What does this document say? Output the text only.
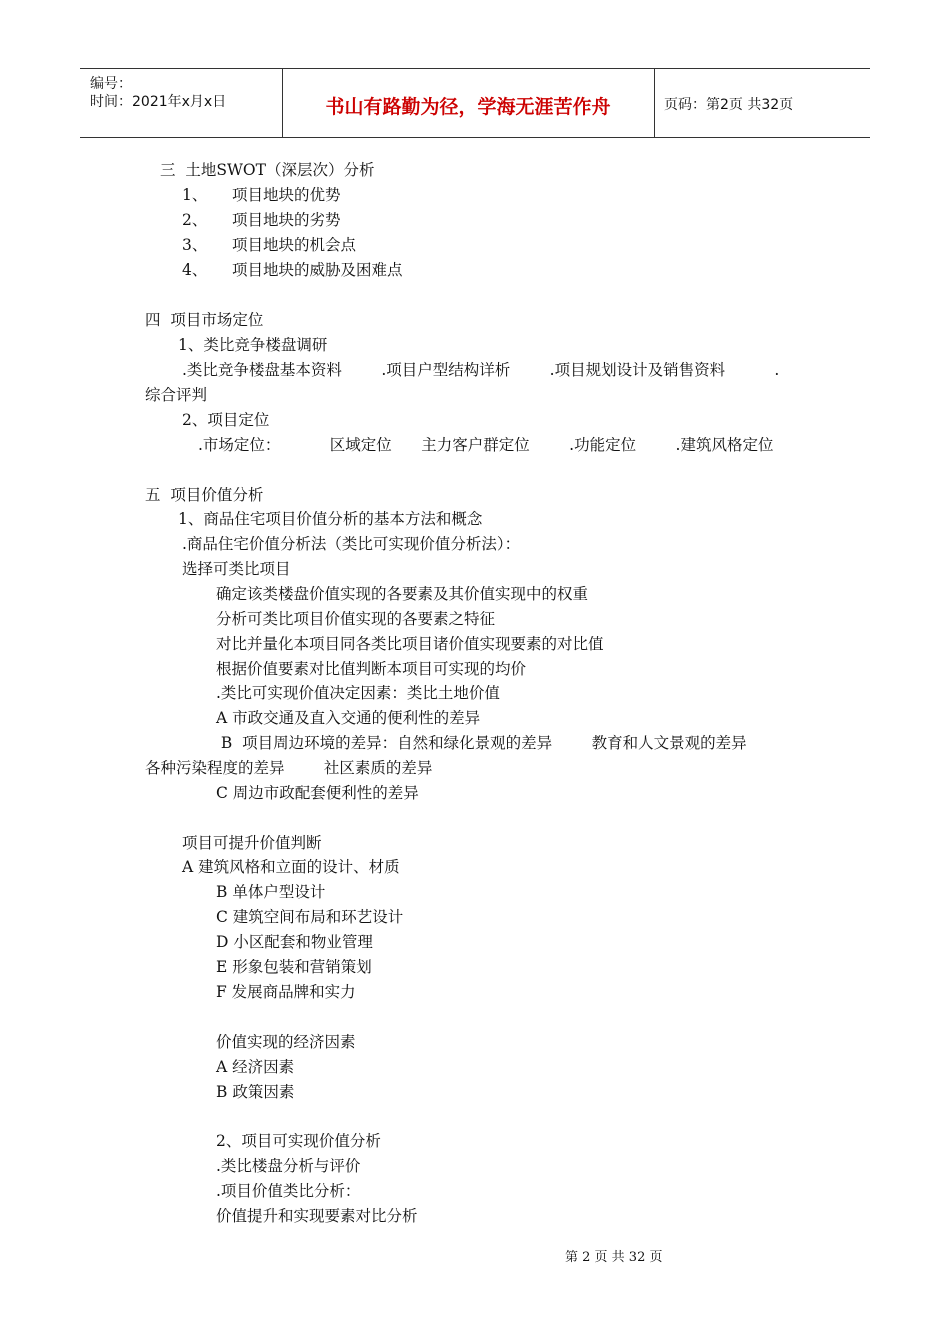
编号：
时间：2021年x月x日	书山有路勤为径，学海无涯苦作舟	页码：第2页 共32页

三  土地SWOT（深层次）分析

1、     项目地块的优势

2、     项目地块的劣势

3、     项目地块的机会点

4、     项目地块的威胁及困难点

四  项目市场定位

1、类比竞争楼盘调研

.类比竞争楼盘基本资料        .项目户型结构详析        .项目规划设计及销售资料          .

综合评判

2、项目定位

.市场定位：          区域定位      主力客户群定位        .功能定位        .建筑风格定位

五  项目价值分析

1、商品住宅项目价值分析的基本方法和概念

.商品住宅价值分析法（类比可实现价值分析法）：

选择可类比项目

确定该类楼盘价值实现的各要素及其价值实现中的权重

分析可类比项目价值实现的各要素之特征

对比并量化本项目同各类比项目诸价值实现要素的对比值

根据价值要素对比值判断本项目可实现的均价

.类比可实现价值决定因素：类比土地价值

A 市政交通及直入交通的便利性的差异

B  项目周边环境的差异：自然和绿化景观的差异        教育和人文景观的差异

各种污染程度的差异        社区素质的差异

C 周边市政配套便利性的差异

项目可提升价值判断

A 建筑风格和立面的设计、材质

B 单体户型设计

C 建筑空间布局和环艺设计

D 小区配套和物业管理

E 形象包装和营销策划

F 发展商品牌和实力

价值实现的经济因素

A 经济因素

B 政策因素

2、项目可实现价值分析

.类比楼盘分析与评价

.项目价值类比分析：

价值提升和实现要素对比分析

第 2 页 共 32 页
